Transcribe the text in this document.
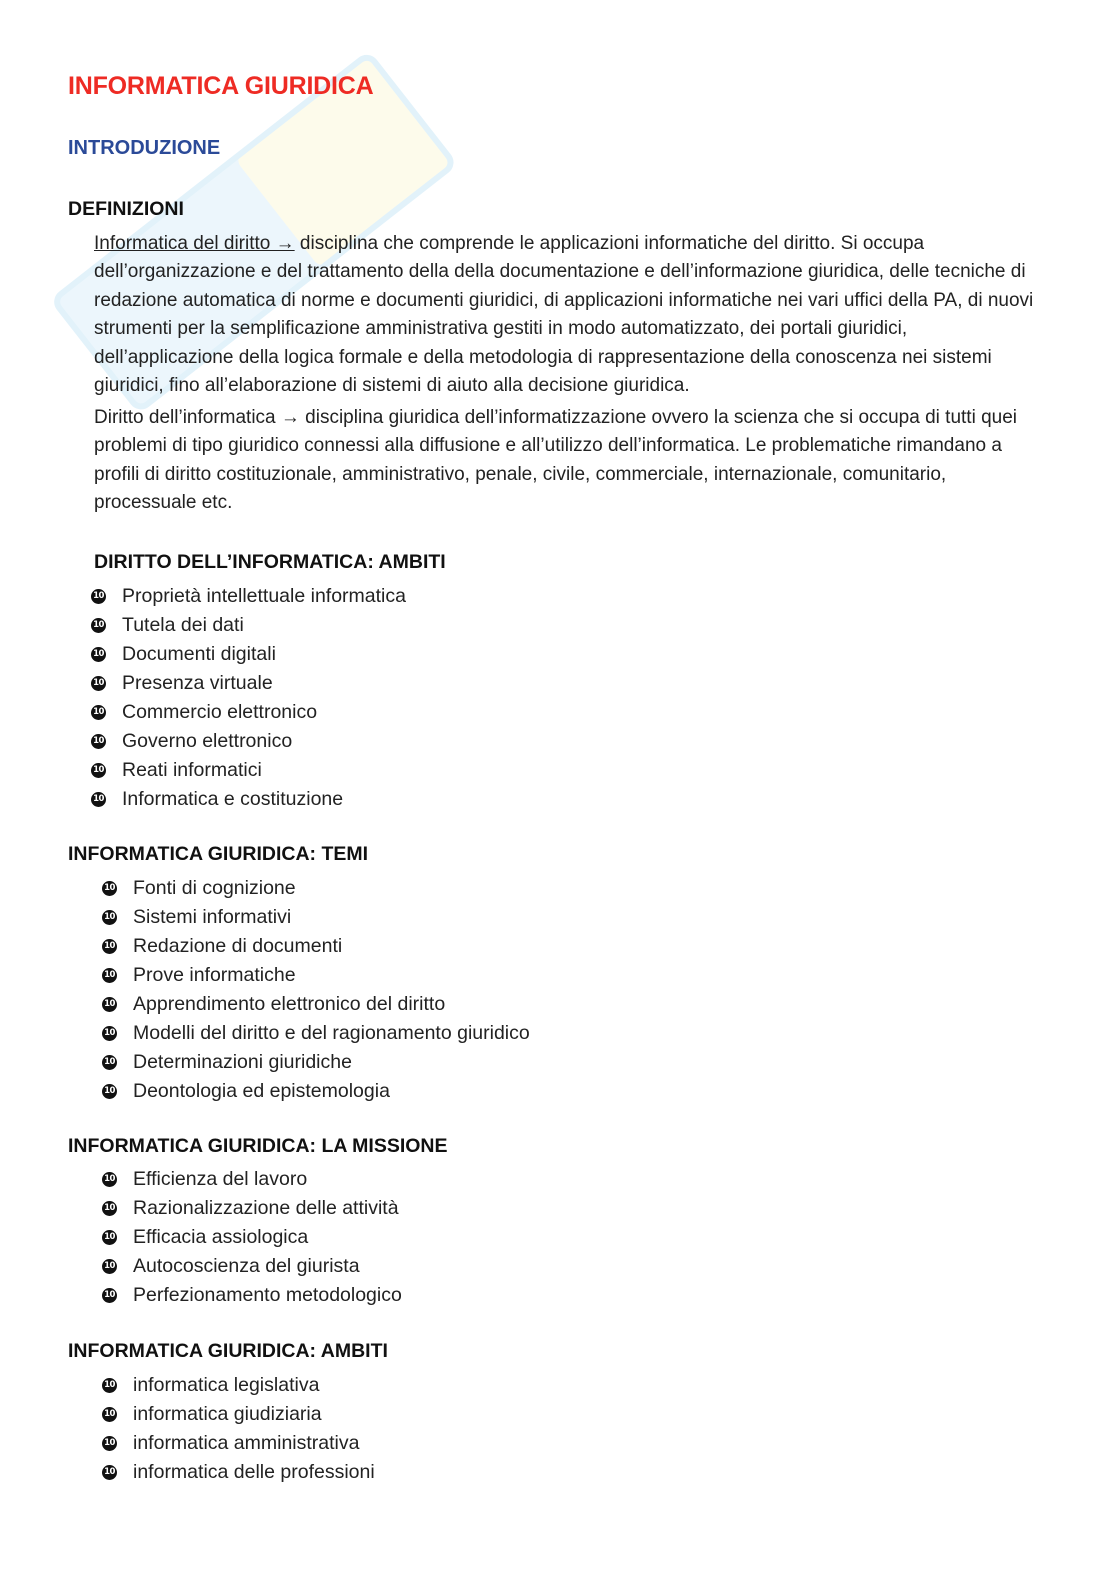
INFORMATICA GIURIDICA
INTRODUZIONE
DEFINIZIONI
Informatica del diritto → disciplina che comprende le applicazioni informatiche del diritto. Si occupa dell’organizzazione e del trattamento della della documentazione e dell’informazione giuridica, delle tecniche di redazione automatica di norme e documenti giuridici, di applicazioni informatiche nei vari uffici della PA, di nuovi strumenti per la semplificazione amministrativa gestiti in modo automatizzato, dei portali giuridici, dell’applicazione della logica formale e della metodologia di rappresentazione della conoscenza nei sistemi giuridici, fino all’elaborazione di sistemi di aiuto alla decisione giuridica.
Diritto dell’informatica → disciplina giuridica dell’informatizzazione ovvero la scienza che si occupa di tutti quei problemi di tipo giuridico connessi alla diffusione e all’utilizzo dell’informatica. Le problematiche rimandano a profili di diritto costituzionale, amministrativo, penale, civile, commerciale, internazionale, comunitario, processuale etc.
DIRITTO DELL’INFORMATICA: AMBITI
10 Proprietà intellettuale informatica
10 Tutela dei dati
10 Documenti digitali
10 Presenza virtuale
10 Commercio elettronico
10 Governo elettronico
10 Reati informatici
10 Informatica e costituzione
INFORMATICA GIURIDICA: TEMI
10 Fonti di cognizione
10 Sistemi informativi
10 Redazione di documenti
10 Prove informatiche
10 Apprendimento elettronico del diritto
10 Modelli del diritto e del ragionamento giuridico
10 Determinazioni giuridiche
10 Deontologia ed epistemologia
INFORMATICA GIURIDICA: LA MISSIONE
10 Efficienza del lavoro
10 Razionalizzazione delle attività
10 Efficacia assiologica
10 Autocoscienza del giurista
10 Perfezionamento metodologico
INFORMATICA GIURIDICA: AMBITI
10 informatica legislativa
10 informatica giudiziaria
10 informatica amministrativa
10 informatica delle professioni
